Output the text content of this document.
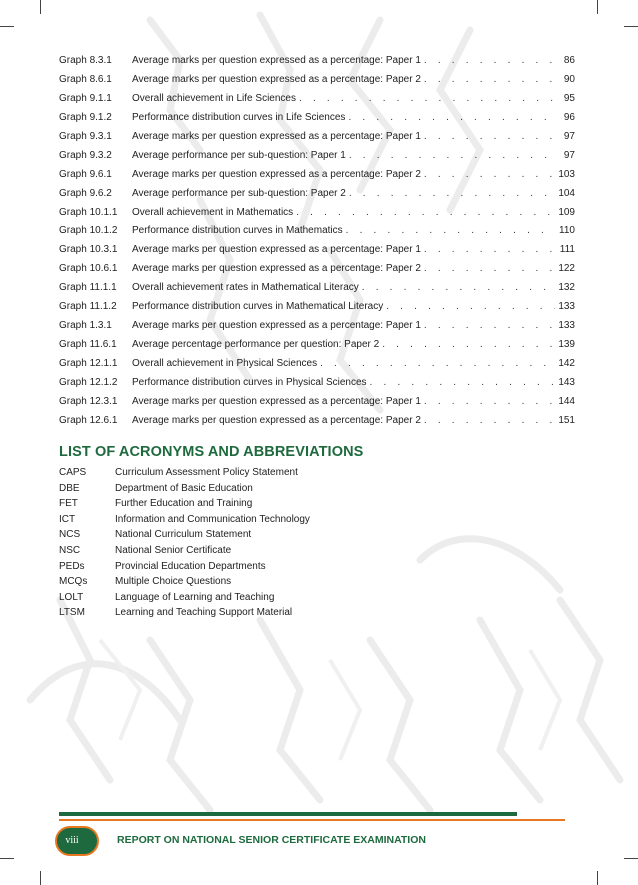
Graph 8.3.1	Average marks per question expressed as a percentage: Paper 1 . . .	86
Graph 8.6.1	Average marks per question expressed as a percentage: Paper 2 . . .	90
Graph 9.1.1	Overall achievement in Life Sciences . . .	95
Graph 9.1.2	Performance distribution curves in Life Sciences . . .	96
Graph 9.3.1	Average marks per question expressed as a percentage: Paper 1 . . .	97
Graph 9.3.2	Average performance per sub-question: Paper 1 . . .	97
Graph 9.6.1	Average marks per question expressed as a percentage: Paper 2 . . .	103
Graph 9.6.2	Average performance per sub-question: Paper 2 . . .	104
Graph 10.1.1	Overall achievement in Mathematics . . .	109
Graph 10.1.2	Performance distribution curves in Mathematics . . .	110
Graph 10.3.1	Average marks per question expressed as a percentage: Paper 1 . . .	111
Graph 10.6.1	Average marks per question expressed as a percentage: Paper 2 . . .	122
Graph 11.1.1	Overall achievement rates in Mathematical Literacy . . .	132
Graph 11.1.2	Performance distribution curves in Mathematical Literacy . . .	133
Graph 1.3.1	Average marks per question expressed as a percentage: Paper 1 . . .	133
Graph 11.6.1	Average percentage performance per question: Paper 2 . . .	139
Graph 12.1.1	Overall achievement in Physical Sciences . . .	142
Graph 12.1.2	Performance distribution curves in Physical Sciences . . .	143
Graph 12.3.1	Average marks per question expressed as a percentage: Paper 1 . . .	144
Graph 12.6.1	Average marks per question expressed as a percentage: Paper 2 . . .	151
LIST OF ACRONYMS AND ABBREVIATIONS
CAPS	Curriculum Assessment Policy Statement
DBE	Department of Basic Education
FET	Further Education and Training
ICT	Information and Communication Technology
NCS	National Curriculum Statement
NSC	National Senior Certificate
PEDs	Provincial Education Departments
MCQs	Multiple Choice Questions
LOLT	Language of Learning and Teaching
LTSM	Learning and Teaching Support Material
viii	REPORT ON NATIONAL SENIOR CERTIFICATE EXAMINATION
